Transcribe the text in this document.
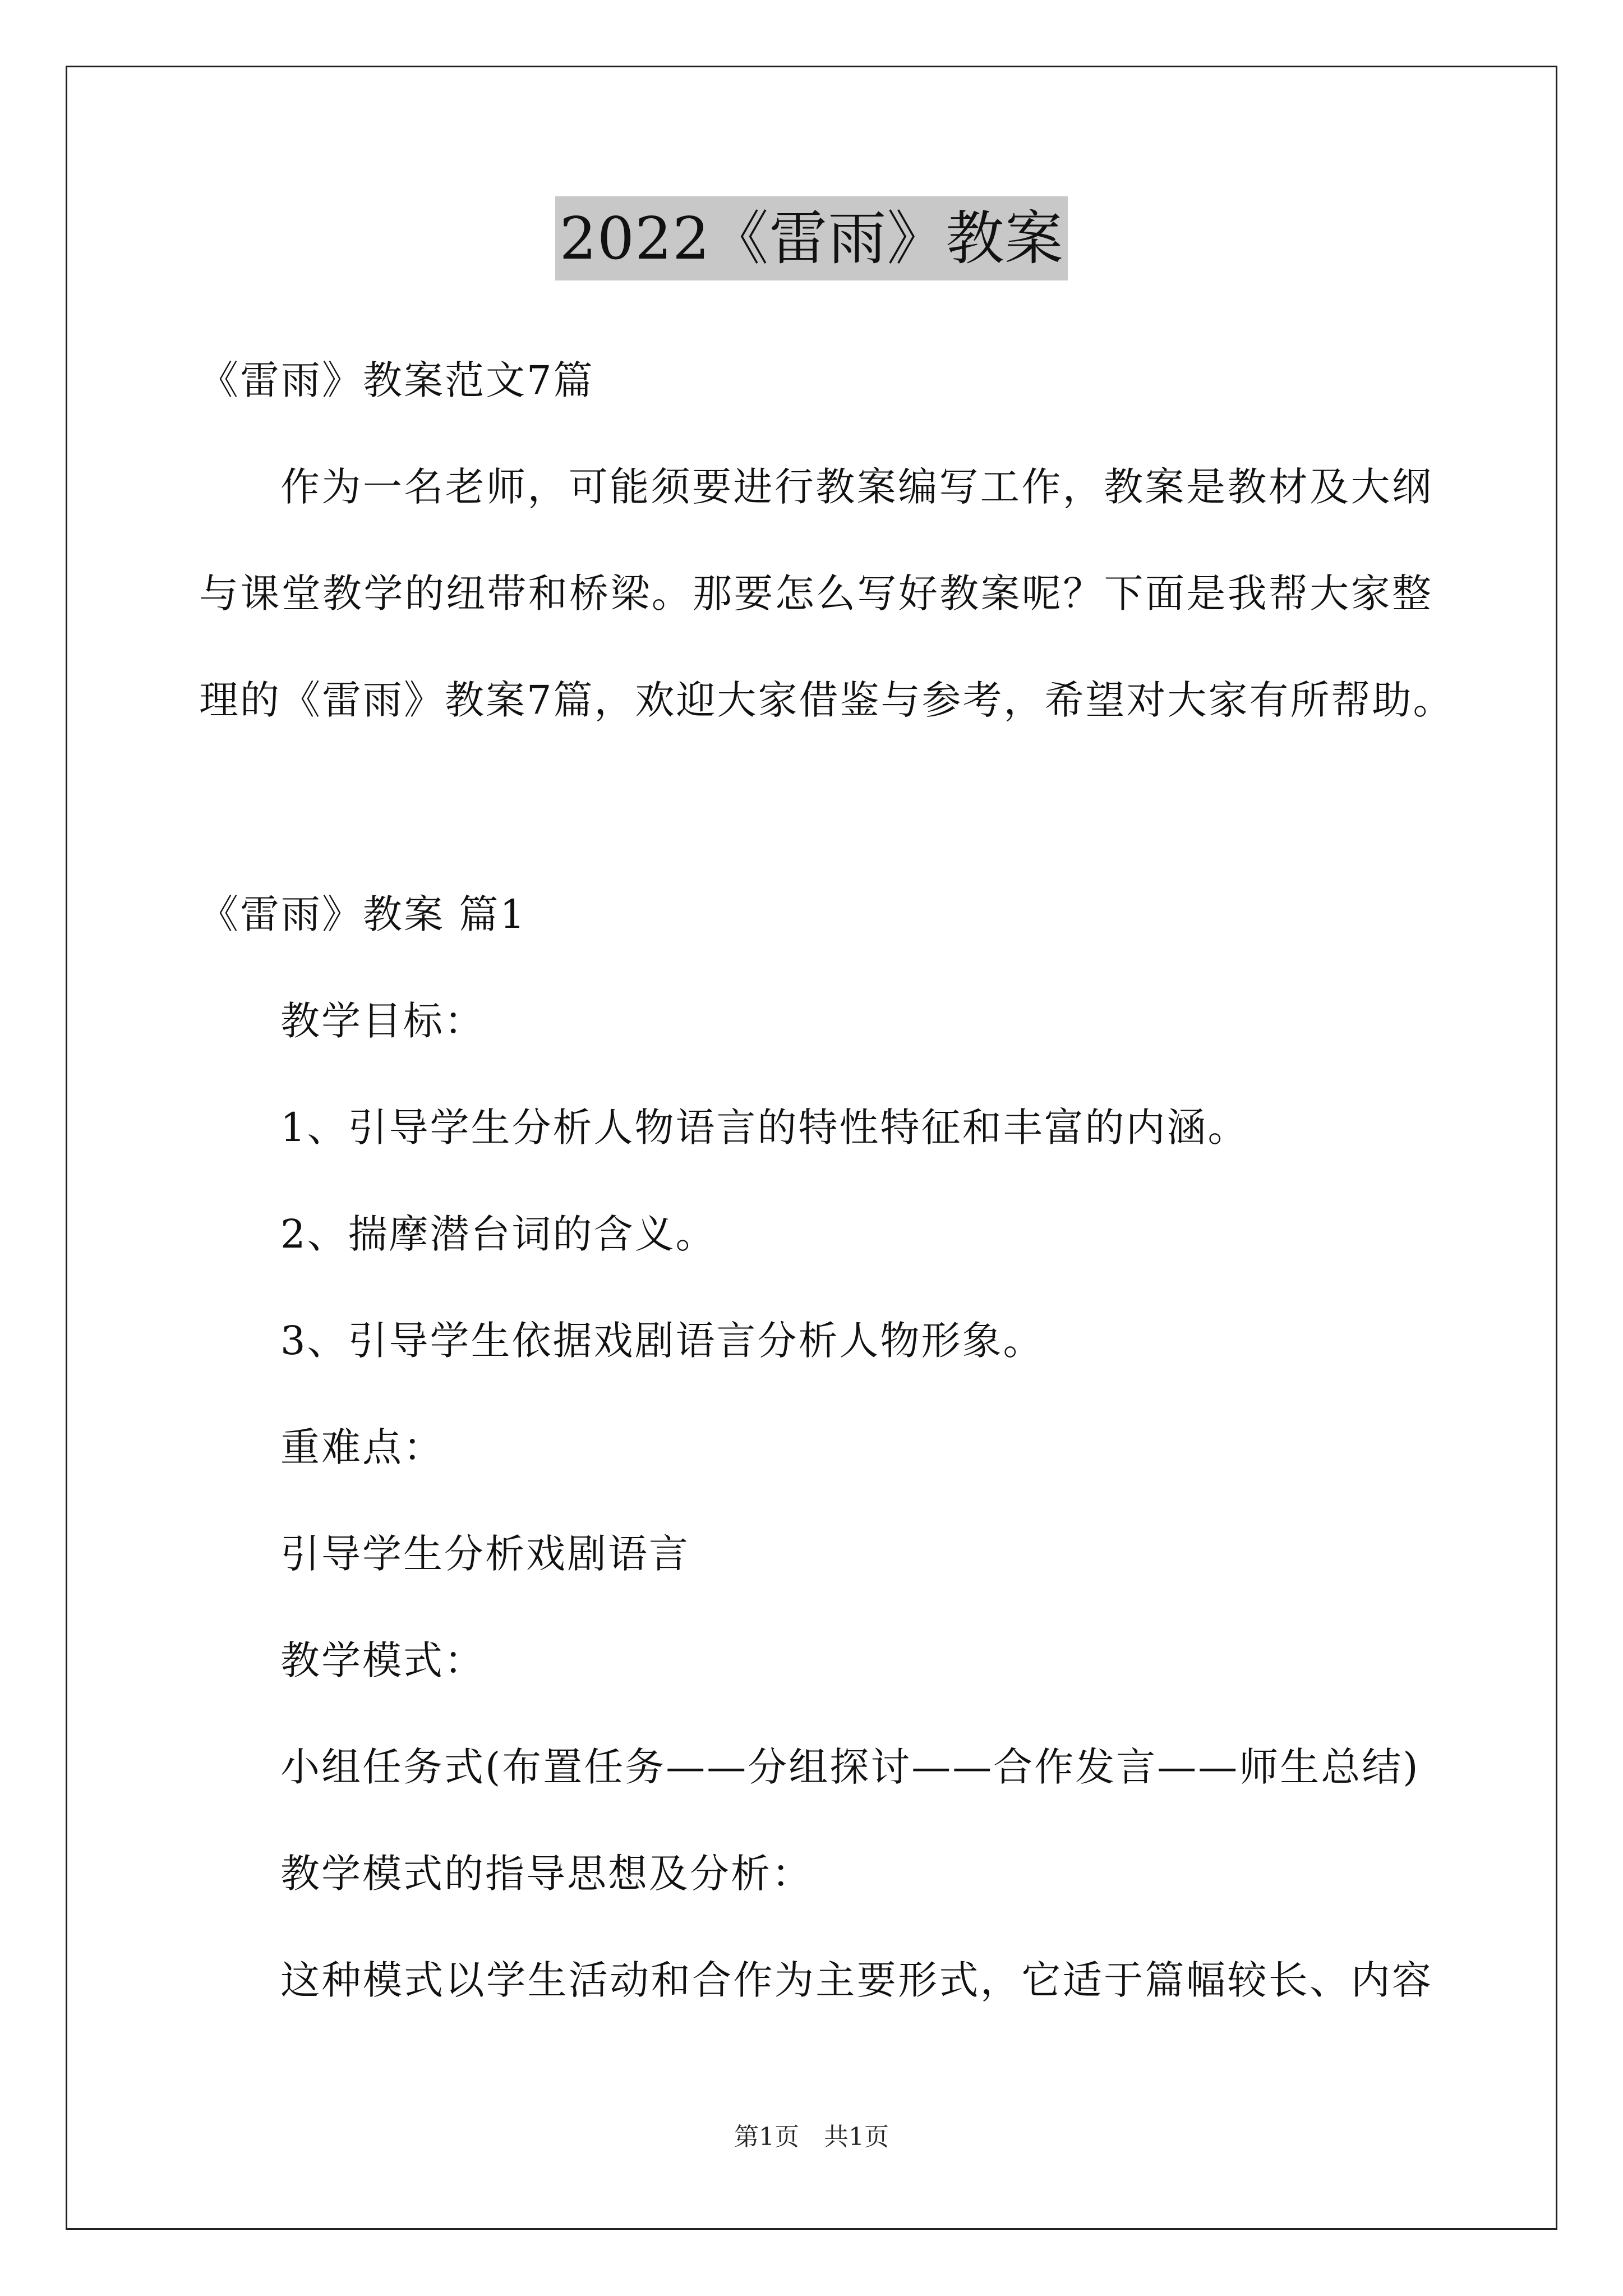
2022《雷雨》教案
《雷雨》教案范文7篇
作为一名老师，可能须要进行教案编写工作，教案是教材及大纲
与课堂教学的纽带和桥梁。那要怎么写好教案呢？下面是我帮大家整
理的《雷雨》教案7篇，欢迎大家借鉴与参考，希望对大家有所帮助。
《雷雨》教案 篇1
教学目标：
1、引导学生分析人物语言的特性特征和丰富的内涵。
2、揣摩潜台词的含义。
3、引导学生依据戏剧语言分析人物形象。
重难点：
引导学生分析戏剧语言
教学模式：
小组任务式(布置任务——分组探讨——合作发言——师生总结)
教学模式的指导思想及分析：
这种模式以学生活动和合作为主要形式，它适于篇幅较长、内容
第1页　共1页
